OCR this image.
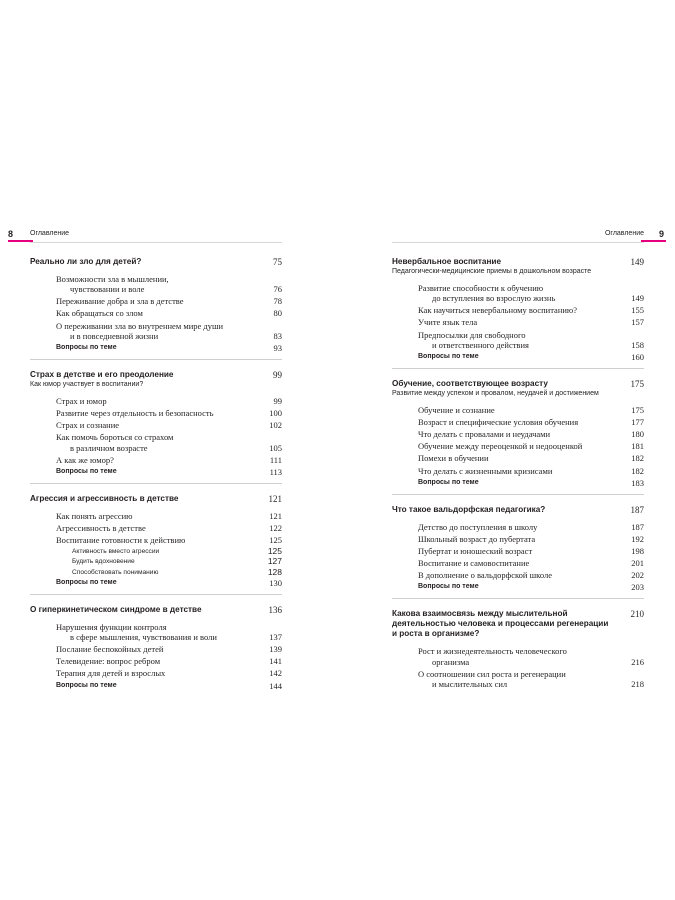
8 Оглавление
Реально ли зло для детей?	75
Возможности зла в мышлении,
чувствовании и воле	76
Переживание добра и зла в детстве	78
Как обращаться со злом	80
О переживании зла во внутреннем мире души
и в повседневной жизни	83
Вопросы по теме	93
Страх в детстве и его преодоление	99
Как юмор участвует в воспитании?
Страх и юмор	99
Развитие через отдельность и безопасность	100
Страх и сознание	102
Как помочь бороться со страхом
в различном возрасте	105
А как же юмор?	111
Вопросы по теме	113
Агрессия и агрессивность в детстве	121
Как понять агрессию	121
Агрессивность в детстве	122
Воспитание готовности к действию	125
Активность вместо агрессии	125
Будить вдохновение	127
Способствовать пониманию	128
Вопросы по теме	130
О гиперкинетическом синдроме в детстве	136
Нарушения функции контроля
в сфере мышления, чувствования и воли	137
Послание беспокойных детей	139
Телевидение: вопрос ребром	141
Терапия для детей и взрослых	142
Вопросы по теме	144
Оглавление 9
Невербальное воспитание	149
Педагогически-медицинские приемы в дошкольном возрасте
Развитие способности к обучению
до вступления во взрослую жизнь	149
Как научиться невербальному воспитанию?	155
Учите язык тела	157
Предпосылки для свободного
и ответственного действия	158
Вопросы по теме	160
Обучение, соответствующее возрасту	175
Развитие между успехом и провалом, неудачей и достижением
Обучение и сознание	175
Возраст и специфические условия обучения	177
Что делать с провалами и неудачами	180
Обучение между переоценкой и недооценкой	181
Помехи в обучении	182
Что делать с жизненными кризисами	182
Вопросы по теме	183
Что такое вальдорфская педагогика?	187
Детство до поступления в школу	187
Школьный возраст до пубертата	192
Пубертат и юношеский возраст	198
Воспитание и самовоспитание	201
В дополнение о вальдорфской школе	202
Вопросы по теме	203
Какова взаимосвязь между мыслительной деятельностью человека и процессами регенерации и роста в организме?
210
Рост и жизнедеятельность человеческого
организма	216
О соотношении сил роста и регенерации
и мыслительных сил	218
